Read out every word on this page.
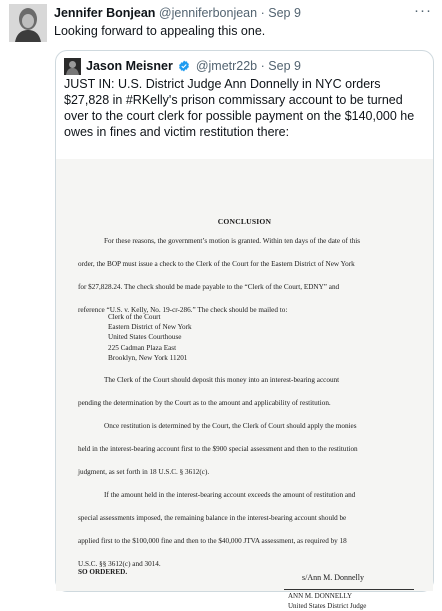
Jennifer Bonjean @jenniferbonjean · Sep 9	···
Looking forward to appealing this one.
Jason Meisner @jmetr22b · Sep 9
JUST IN: U.S. District Judge Ann Donnelly in NYC orders $27,828 in #RKelly's prison commissary account to be turned over to the court clerk for possible payment on the $140,000 he owes in fines and victim restitution there:
CONCLUSION
For these reasons, the government’s motion is granted. Within ten days of the date of this
order, the BOP must issue a check to the Clerk of the Court for the Eastern District of New York
for $27,828.24. The check should be made payable to the “Clerk of the Court, EDNY” and
reference “U.S. v. Kelly, No. 19-cr-286.” The check should be mailed to:
Clerk of the Court
Eastern District of New York
United States Courthouse
225 Cadman Plaza East
Brooklyn, New York 11201
The Clerk of the Court should deposit this money into an interest-bearing account
pending the determination by the Court as to the amount and applicability of restitution.
Once restitution is determined by the Court, the Clerk of Court should apply the monies
held in the interest-bearing account first to the $900 special assessment and then to the restitution
judgment, as set forth in 18 U.S.C. § 3612(c).
If the amount held in the interest-bearing account exceeds the amount of restitution and
special assessments imposed, the remaining balance in the interest-bearing account should be
applied first to the $100,000 fine and then to the $40,000 JTVA assessment, as required by 18
U.S.C. §§ 3612(c) and 3014.
SO ORDERED.
s/Ann M. Donnelly
ANN M. DONNELLY
United States District Judge
